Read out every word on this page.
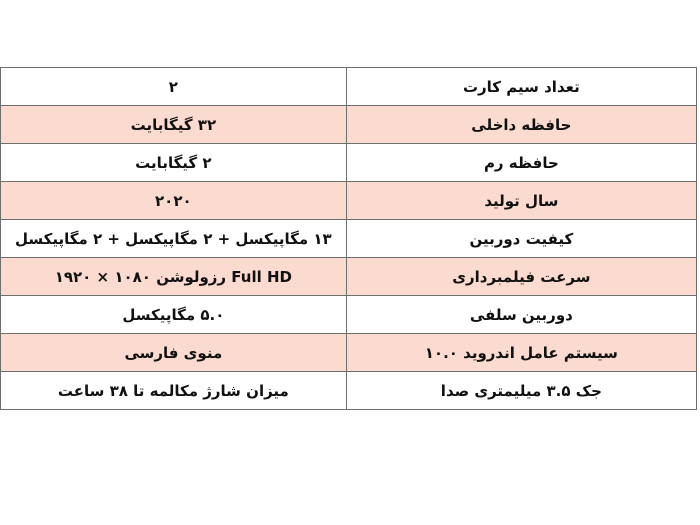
تعداد سیم کارت	۲
حافظه داخلی	۳۲ گیگابایت
حافظه رم	۲ گیگابایت
سال تولید	۲۰۲۰
کیفیت دوربین	۱۳ مگاپیکسل + ۲ مگاپیکسل + ۲ مگاپیکسل
سرعت فیلمبرداری	Full HD رزولوشن ۱۰۸۰ × ۱۹۲۰
دوربین سلفی	۵.۰ مگاپیکسل
سیستم عامل اندروید ۱۰.۰	منوی فارسی
جک ۳.۵ میلیمتری صدا	میزان شارژ مکالمه تا ۳۸ ساعت
